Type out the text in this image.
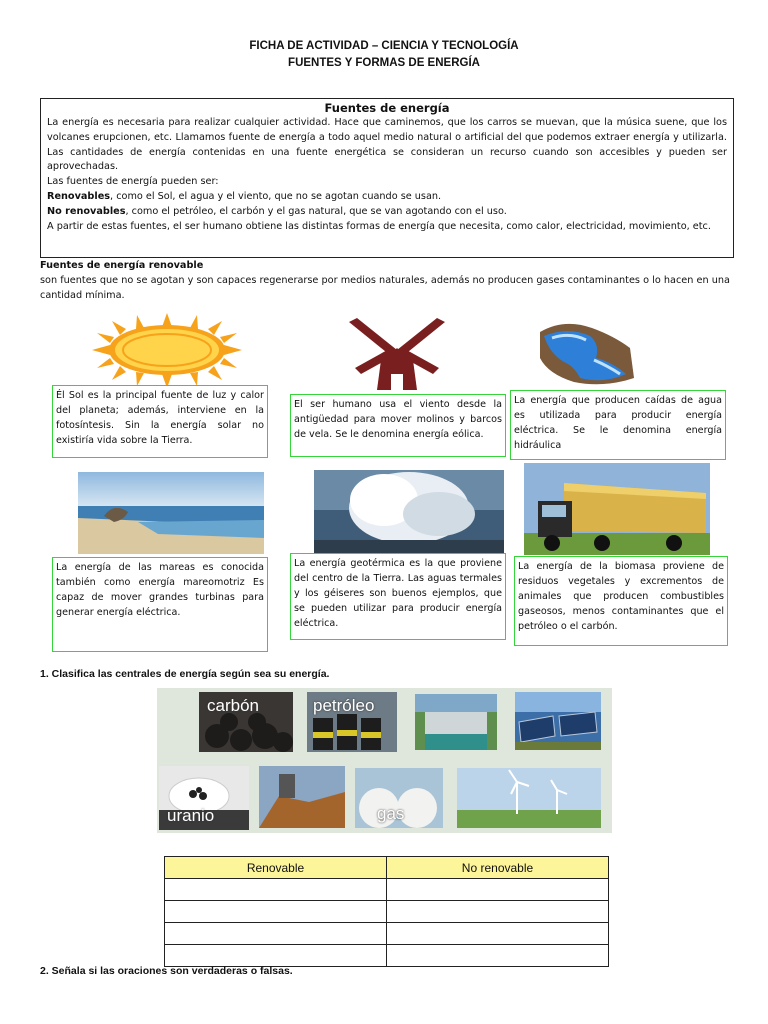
FICHA DE ACTIVIDAD – CIENCIA Y TECNOLOGÍA
FUENTES Y FORMAS DE ENERGÍA
Fuentes de energía

La energía es necesaria para realizar cualquier actividad. Hace que caminemos, que los carros se muevan, que la música suene, que los volcanes erupcionen, etc. Llamamos fuente de energía a todo aquel medio natural o artificial del que podemos extraer energía y utilizarla. Las cantidades de energía contenidas en una fuente energética se consideran un recurso cuando son accesibles y pueden ser aprovechadas.

Las fuentes de energía pueden ser:

Renovables, como el Sol, el agua y el viento, que no se agotan cuando se usan.

No renovables, como el petróleo, el carbón y el gas natural, que se van agotando con el uso.

A partir de estas fuentes, el ser humano obtiene las distintas formas de energía que necesita, como calor, electricidad, movimiento, etc.

Fuentes de energía renovable
son fuentes que no se agotan y son capaces regenerarse por medios naturales, además no producen gases contaminantes o lo hacen en una cantidad mínima.
Él Sol es la principal fuente de luz y calor del planeta; además, interviene en la fotosíntesis. Sin la energía solar no existiría vida sobre la Tierra.
El ser humano usa el viento desde la antigüedad para mover molinos y barcos de vela. Se le denomina energía eólica.
La energía que producen caídas de agua es utilizada para producir energía eléctrica. Se le denomina energía hidráulica
La energía de las mareas es conocida también como energía mareomotriz Es capaz de mover grandes turbinas para generar energía eléctrica.
La energía geotérmica es la que proviene del centro de la Tierra. Las aguas termales y los géiseres son buenos ejemplos, que se pueden utilizar para producir energía eléctrica.
La energía de la biomasa proviene de residuos vegetales y excrementos de animales que producen combustibles gaseosos, menos contaminantes que el petróleo o el carbón.
1. Clasifica las centrales de energía según sea su energía.
carbón	petróleo
uranio	gas
Renovable	No renovable

2. Señala si las oraciones son verdaderas o falsas.
